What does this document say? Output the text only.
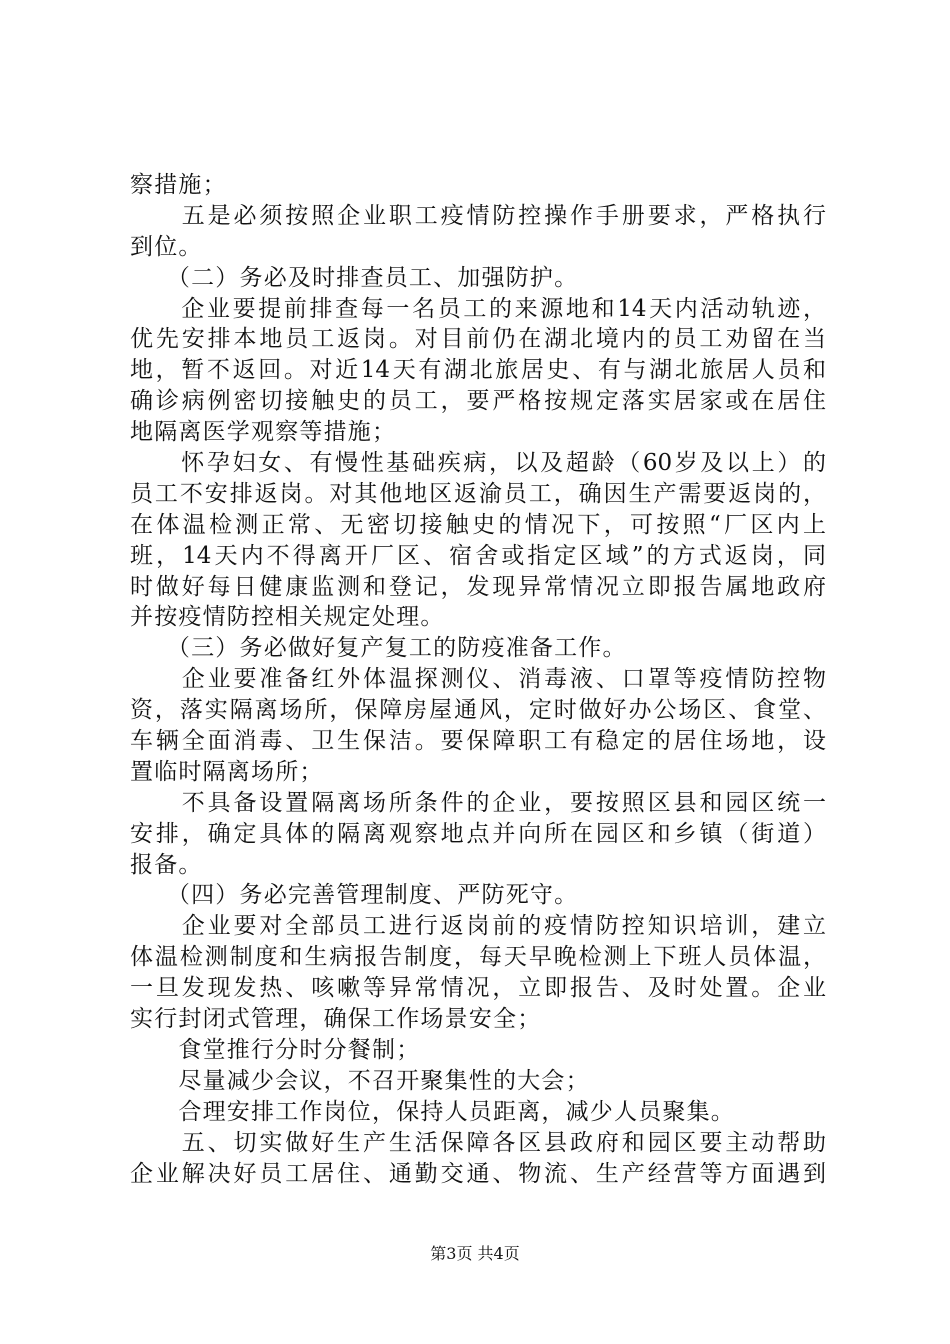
察措施；
　　五是必须按照企业职工疫情防控操作手册要求，严格执行
到位。
　　（二）务必及时排查员工、加强防护。
　　企业要提前排查每一名员工的来源地和14天内活动轨迹，
优先安排本地员工返岗。对目前仍在湖北境内的员工劝留在当
地，暂不返回。对近14天有湖北旅居史、有与湖北旅居人员和
确诊病例密切接触史的员工，要严格按规定落实居家或在居住
地隔离医学观察等措施；
　　怀孕妇女、有慢性基础疾病，以及超龄（60岁及以上）的
员工不安排返岗。对其他地区返渝员工，确因生产需要返岗的，
在体温检测正常、无密切接触史的情况下，可按照“厂区内上
班，14天内不得离开厂区、宿舍或指定区域”的方式返岗，同
时做好每日健康监测和登记，发现异常情况立即报告属地政府
并按疫情防控相关规定处理。
　　（三）务必做好复产复工的防疫准备工作。
　　企业要准备红外体温探测仪、消毒液、口罩等疫情防控物
资，落实隔离场所，保障房屋通风，定时做好办公场区、食堂、
车辆全面消毒、卫生保洁。要保障职工有稳定的居住场地，设
置临时隔离场所；
　　不具备设置隔离场所条件的企业，要按照区县和园区统一
安排，确定具体的隔离观察地点并向所在园区和乡镇（街道）
报备。
　　（四）务必完善管理制度、严防死守。
　　企业要对全部员工进行返岗前的疫情防控知识培训，建立
体温检测制度和生病报告制度，每天早晚检测上下班人员体温，
一旦发现发热、咳嗽等异常情况，立即报告、及时处置。企业
实行封闭式管理，确保工作场景安全；
　　食堂推行分时分餐制；
　　尽量减少会议，不召开聚集性的大会；
　　合理安排工作岗位，保持人员距离，减少人员聚集。
　　五、切实做好生产生活保障各区县政府和园区要主动帮助
企业解决好员工居住、通勤交通、物流、生产经营等方面遇到
第3页 共4页
